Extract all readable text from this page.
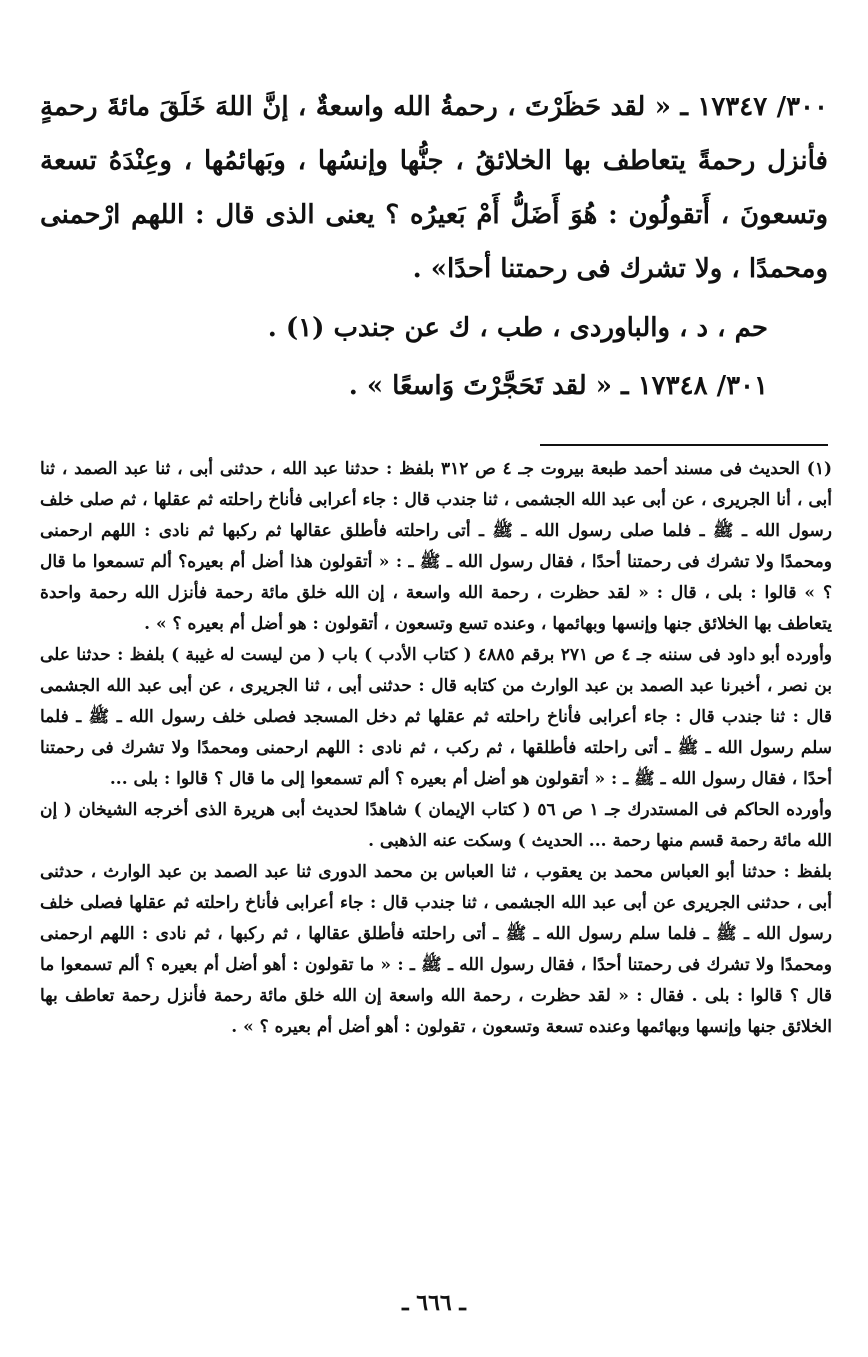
٣٠٠/ ١٧٣٤٧ ـ « لقد حَظَرْتَ ، رحمةُ الله واسعةٌ ، إنَّ اللهَ خَلَقَ مائةَ رحمةٍ فأنزل رحمةً يتعاطف بها الخلائقُ ، جنُّها وإنسُها ، وبَهائمُها ، وعِنْدَهُ تسعة وتسعونَ ، أَتقولُون : هُوَ أَضَلُّ أَمْ بَعيرُه ؟ يعنى الذى قال : اللهم ارْحمنى ومحمدًا ، ولا تشرك فى رحمتنا أحدًا» .

حم ، د ، والباوردى ، طب ، ك عن جندب (١) .
٣٠١/ ١٧٣٤٨ ـ « لقد تَحَجَّرْتَ وَاسعًا » .

(١) الحديث فى مسند أحمد طبعة بيروت جـ ٤ ص ٣١٢ بلفظ : حدثنا عبد الله ، حدثنى أبى ، ثنا عبد الصمد ، ثنا أبى ، أنا الجريرى ، عن أبى عبد الله الجشمى ، ثنا جندب قال : جاء أعرابى فأناخ راحلته ثم عقلها ، ثم صلى خلف رسول الله ـ ﷺ ـ فلما صلى رسول الله ـ ﷺ ـ أتى راحلته فأطلق عقالها ثم ركبها ثم نادى : اللهم ارحمنى ومحمدًا ولا تشرك فى رحمتنا أحدًا ، فقال رسول الله ـ ﷺ ـ : « أتقولون هذا أضل أم بعيره؟ ألم تسمعوا ما قال ؟ » قالوا : بلى ، قال : « لقد حظرت ، رحمة الله واسعة ، إن الله خلق مائة رحمة فأنزل الله رحمة واحدة يتعاطف بها الخلائق جنها وإنسها وبهائمها ، وعنده تسع وتسعون ، أتقولون : هو أضل أم بعيره ؟ » .

وأورده أبو داود فى سننه جـ ٤ ص ٢٧١ برقم ٤٨٨٥ ( كتاب الأدب ) باب ( من ليست له غيبة ) بلفظ : حدثنا على بن نصر ، أخبرنا عبد الصمد بن عبد الوارث من كتابه قال : حدثنى أبى ، ثنا الجريرى ، عن أبى عبد الله الجشمى قال : ثنا جندب قال : جاء أعرابى فأناخ راحلته ثم عقلها ثم دخل المسجد فصلى خلف رسول الله ـ ﷺ ـ فلما سلم رسول الله ـ ﷺ ـ أتى راحلته فأطلقها ، ثم ركب ، ثم نادى : اللهم ارحمنى ومحمدًا ولا تشرك فى رحمتنا أحدًا ، فقال رسول الله ـ ﷺ ـ : « أتقولون هو أضل أم بعيره ؟ ألم تسمعوا إلى ما قال ؟ قالوا : بلى ...

وأورده الحاكم فى المستدرك جـ ١ ص ٥٦ ( كتاب الإيمان ) شاهدًا لحديث أبى هريرة الذى أخرجه الشيخان ( إن الله مائة رحمة قسم منها رحمة ... الحديث ) وسكت عنه الذهبى .

بلفظ : حدثنا أبو العباس محمد بن يعقوب ، ثنا العباس بن محمد الدورى ثنا عبد الصمد بن عبد الوارث ، حدثنى أبى ، حدثنى الجريرى عن أبى عبد الله الجشمى ، ثنا جندب قال : جاء أعرابى فأناخ راحلته ثم عقلها فصلى خلف رسول الله ـ ﷺ ـ فلما سلم رسول الله ـ ﷺ ـ أتى راحلته فأطلق عقالها ، ثم ركبها ، ثم نادى : اللهم ارحمنى ومحمدًا ولا تشرك فى رحمتنا أحدًا ، فقال رسول الله ـ ﷺ ـ : « ما تقولون : أهو أضل أم بعيره ؟ ألم تسمعوا ما قال ؟ قالوا : بلى . فقال : « لقد حظرت ، رحمة الله واسعة إن الله خلق مائة رحمة فأنزل رحمة تعاطف بها الخلائق جنها وإنسها وبهائمها وعنده تسعة وتسعون ، تقولون : أهو أضل أم بعيره ؟ » .

ـ ٦٦٦ ـ
